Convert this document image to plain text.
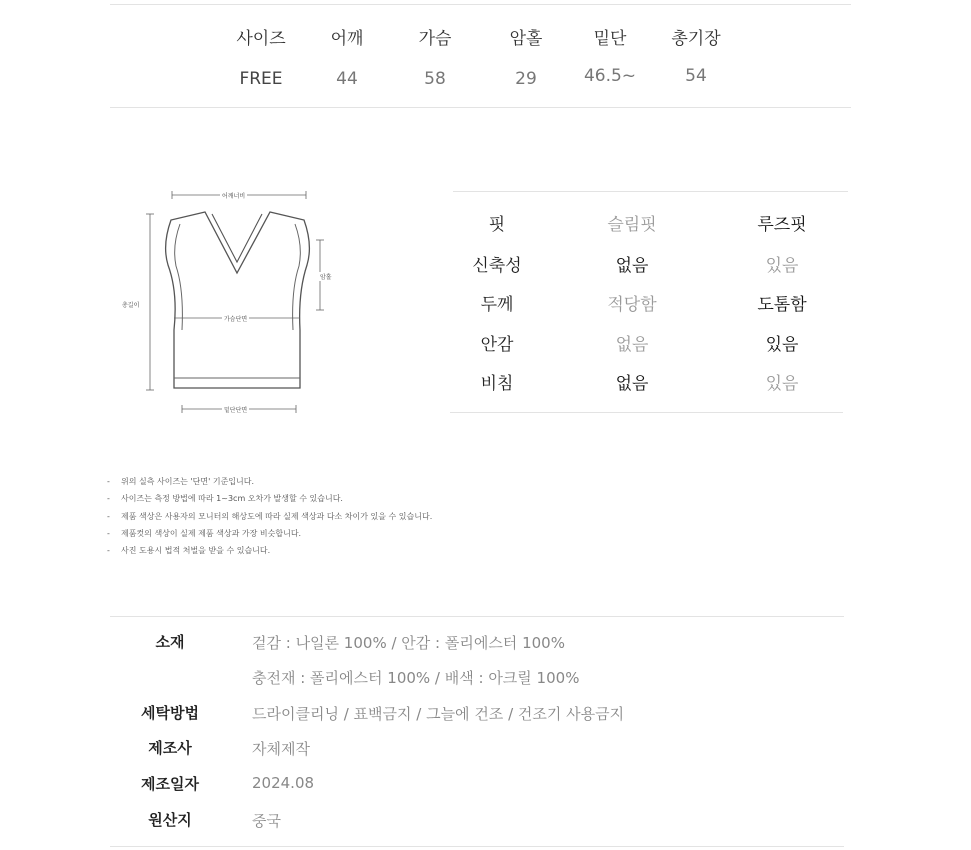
사이즈	어깨	가슴	암홀	밑단	총기장
FREE	44	58	29	46.5~	54
어깨너비
암홀
총길이
가슴단면
밑단단면
핏	슬림핏	루즈핏
신축성	없음	있음
두께	적당함	도톰함
안감	없음	있음
비침	없음	있음
- 위의 실측 사이즈는 '단면' 기준입니다.
- 사이즈는 측정 방법에 따라 1~3cm 오차가 발생할 수 있습니다.
- 제품 색상은 사용자의 모니터의 해상도에 따라 실제 색상과 다소 차이가 있을 수 있습니다.
- 제품컷의 색상이 실제 제품 색상과 가장 비슷합니다.
- 사진 도용시 법적 처벌을 받을 수 있습니다.
소재	겉감 : 나일론 100% / 안감 : 폴리에스터 100%
충전재 : 폴리에스터 100% / 배색 : 아크릴 100%
세탁방법	드라이클리닝 / 표백금지 / 그늘에 건조 / 건조기 사용금지
제조사	자체제작
제조일자	2024.08
원산지	중국
